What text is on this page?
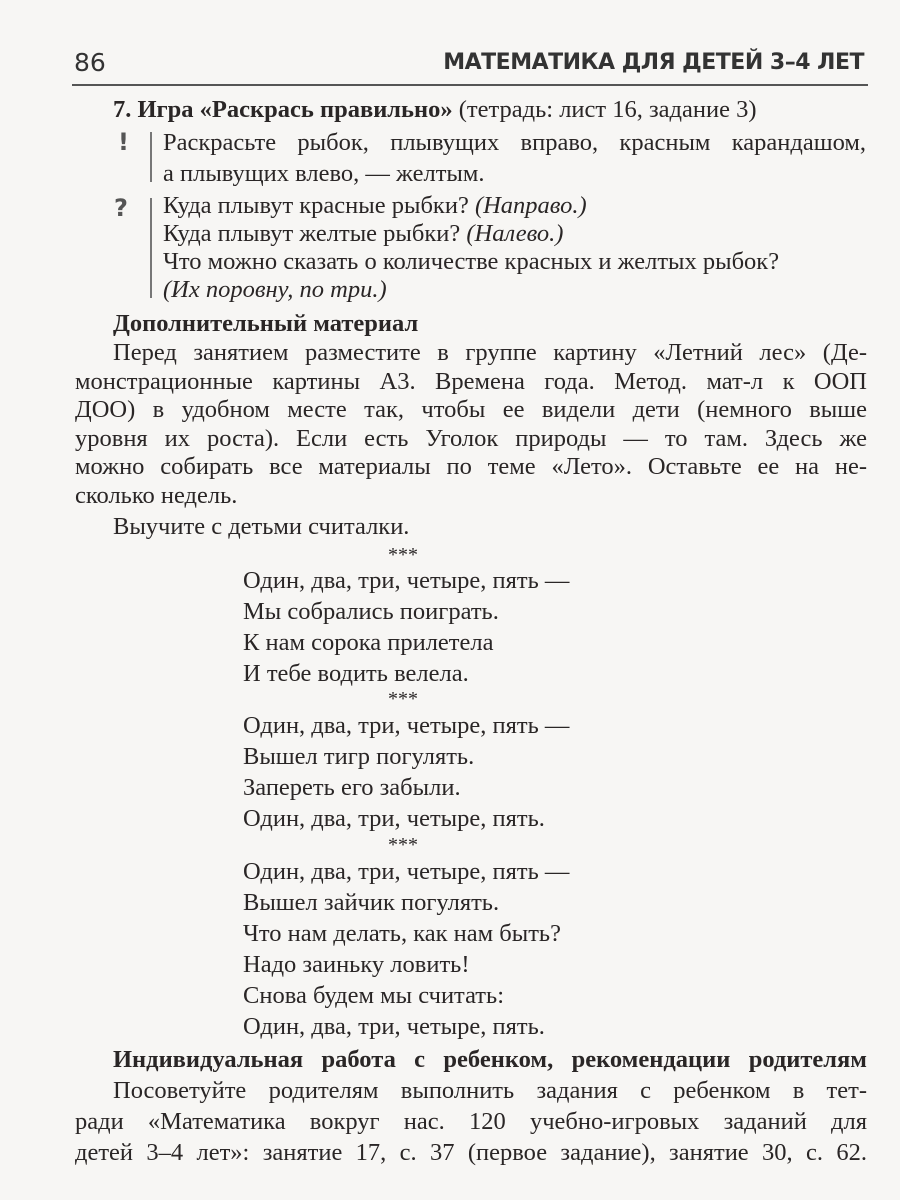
86	МАТЕМАТИКА ДЛЯ ДЕТЕЙ 3–4 ЛЕТ
7. Игра «Раскрась правильно» (тетрадь: лист 16, задание 3)
! Раскрасьте рыбок, плывущих вправо, красным карандашом,
а плывущих влево, — желтым.
? Куда плывут красные рыбки? (Направо.)
Куда плывут желтые рыбки? (Налево.)
Что можно сказать о количестве красных и желтых рыбок?
(Их поровну, по три.)
Дополнительный материал
Перед занятием разместите в группе картину «Летний лес» (Де-
монстрационные картины А3. Времена года. Метод. мат-л к ООП
ДОО) в удобном месте так, чтобы ее видели дети (немного выше
уровня их роста). Если есть Уголок природы — то там. Здесь же
можно собирать все материалы по теме «Лето». Оставьте ее на не-
сколько недель.
Выучите с детьми считалки.
***
Один, два, три, четыре, пять —
Мы собрались поиграть.
К нам сорока прилетела
И тебе водить велела.
***
Один, два, три, четыре, пять —
Вышел тигр погулять.
Запереть его забыли.
Один, два, три, четыре, пять.
***
Один, два, три, четыре, пять —
Вышел зайчик погулять.
Что нам делать, как нам быть?
Надо заиньку ловить!
Снова будем мы считать:
Один, два, три, четыре, пять.
Индивидуальная работа с ребенком, рекомендации родителям
Посоветуйте родителям выполнить задания с ребенком в тет-
ради «Математика вокруг нас. 120 учебно-игровых заданий для
детей 3–4 лет»: занятие 17, с. 37 (первое задание), занятие 30, с. 62.
